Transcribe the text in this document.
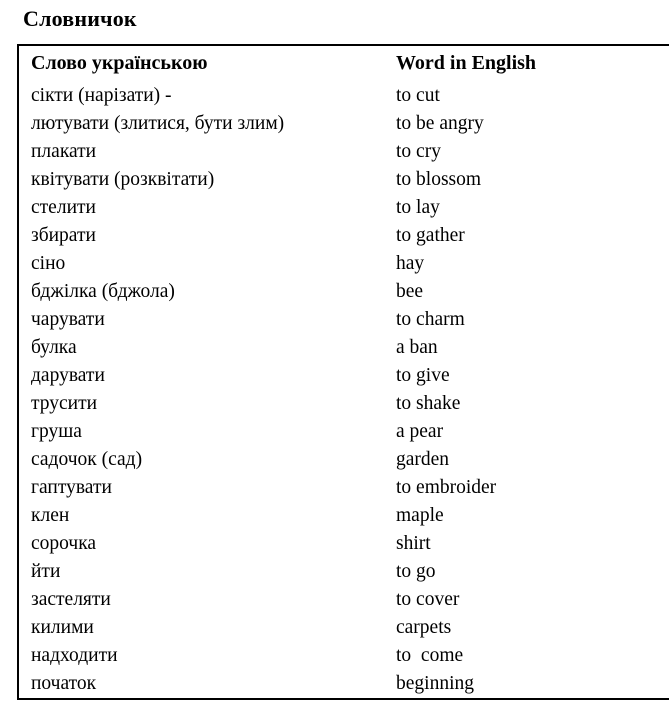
Словничок
Слово українською	Word in English
сікти (нарізати) -	to cut
лютувати (злитися, бути злим)	to be angry
плакати	to cry
квітувати (розквітати)	to blossom
стелити	to lay
збирати	to gather
сіно	hay
бджілка (бджола)	bee
чарувати	to charm
булка	a ban
дарувати	to give
трусити	to shake
груша	a pear
садочок (сад)	garden
гаптувати	to embroider
клен	maple
сорочка	shirt
йти	to go
застеляти	to cover
килими	carpets
надходити	to  come
початок	beginning
